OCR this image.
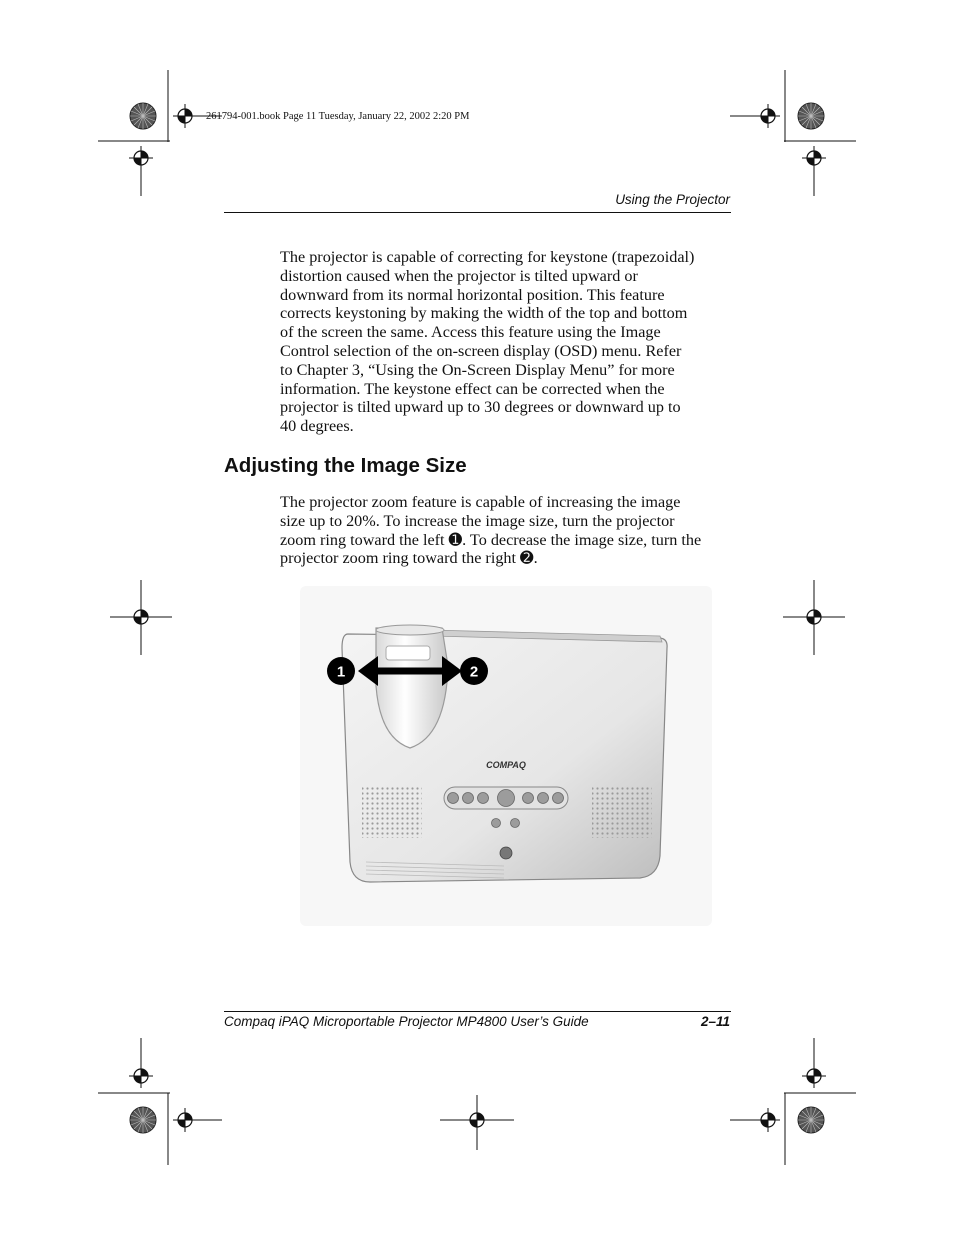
261794-001.book Page 11 Tuesday, January 22, 2002 2:20 PM
Using the Projector

The projector is capable of correcting for keystone (trapezoidal)
distortion caused when the projector is tilted upward or
downward from its normal horizontal position. This feature
corrects keystoning by making the width of the top and bottom
of the screen the same. Access this feature using the Image
Control selection of the on-screen display (OSD) menu. Refer
to Chapter 3, “Using the On-Screen Display Menu” for more
information. The keystone effect can be corrected when the
projector is tilted upward up to 30 degrees or downward up to
40 degrees.

Adjusting the Image Size

The projector zoom feature is capable of increasing the image
size up to 20%. To increase the image size, turn the projector
zoom ring toward the left ➊. To decrease the image size, turn the
projector zoom ring toward the right ➋.

1	2
COMPAQ
Compaq iPAQ Microportable Projector MP4800 User’s Guide	2–11
